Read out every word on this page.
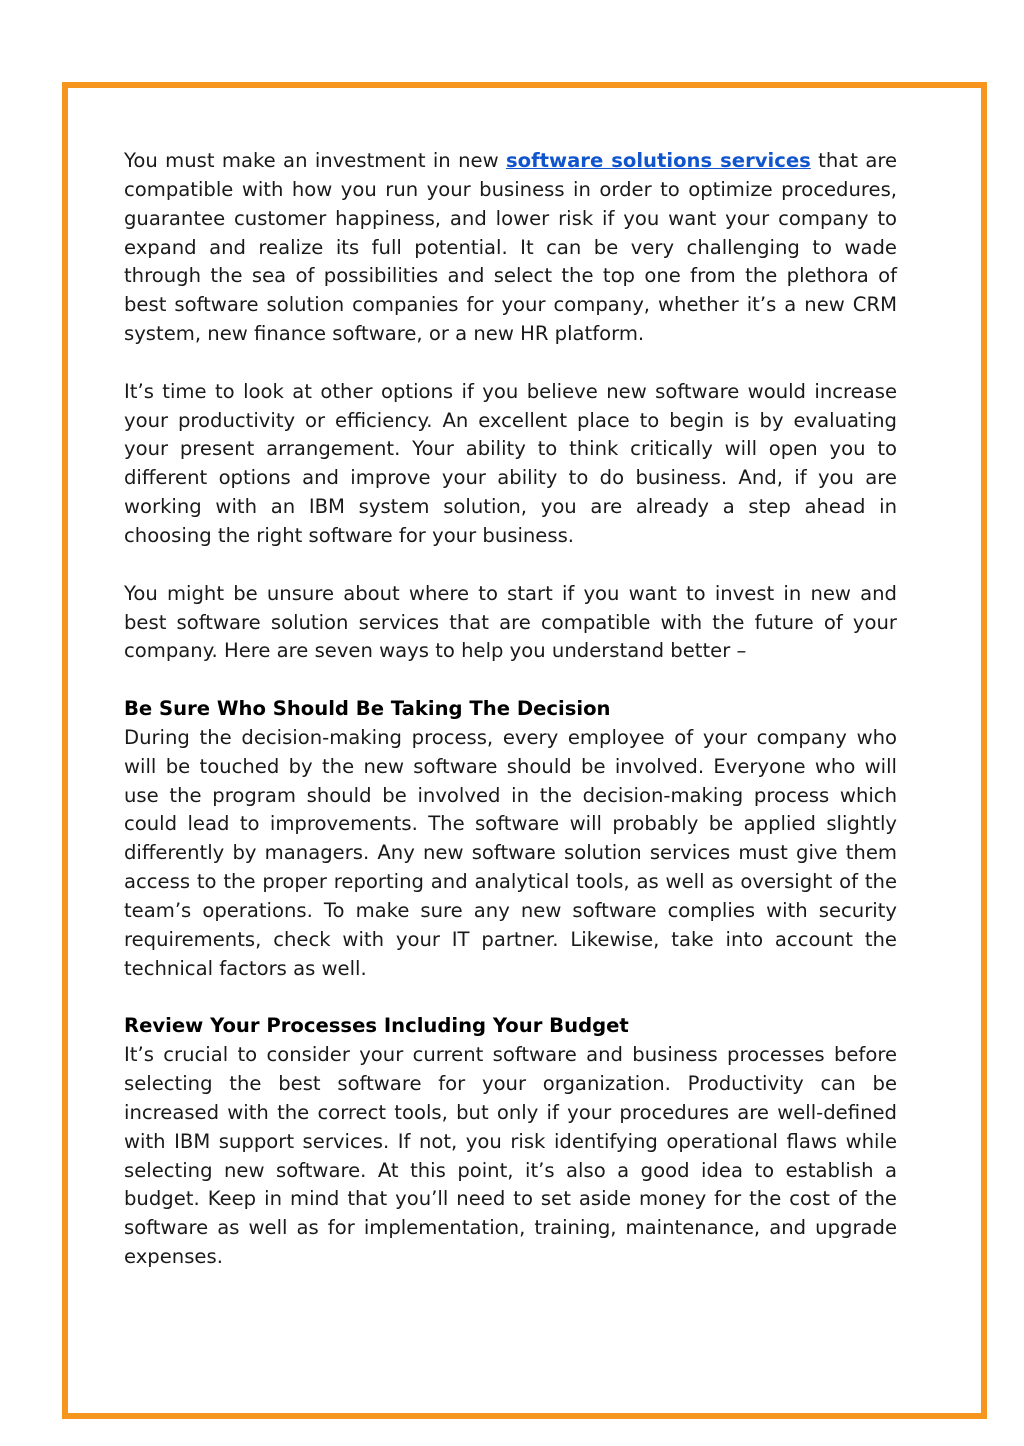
You must make an investment in new software solutions services that are compatible with how you run your business in order to optimize procedures, guarantee customer happiness, and lower risk if you want your company to expand and realize its full potential. It can be very challenging to wade through the sea of possibilities and select the top one from the plethora of best software solution companies for your company, whether it’s a new CRM system, new finance software, or a new HR platform.

It’s time to look at other options if you believe new software would increase your productivity or efficiency. An excellent place to begin is by evaluating your present arrangement. Your ability to think critically will open you to different options and improve your ability to do business. And, if you are working with an IBM system solution, you are already a step ahead in choosing the right software for your business.

You might be unsure about where to start if you want to invest in new and best software solution services that are compatible with the future of your company. Here are seven ways to help you understand better –

Be Sure Who Should Be Taking The Decision

During the decision-making process, every employee of your company who will be touched by the new software should be involved. Everyone who will use the program should be involved in the decision-making process which could lead to improvements. The software will probably be applied slightly differently by managers. Any new software solution services must give them access to the proper reporting and analytical tools, as well as oversight of the team’s operations. To make sure any new software complies with security requirements, check with your IT partner. Likewise, take into account the technical factors as well.

Review Your Processes Including Your Budget

It’s crucial to consider your current software and business processes before selecting the best software for your organization. Productivity can be increased with the correct tools, but only if your procedures are well-defined with IBM support services. If not, you risk identifying operational flaws while selecting new software. At this point, it’s also a good idea to establish a budget. Keep in mind that you’ll need to set aside money for the cost of the software as well as for implementation, training, maintenance, and upgrade expenses.
